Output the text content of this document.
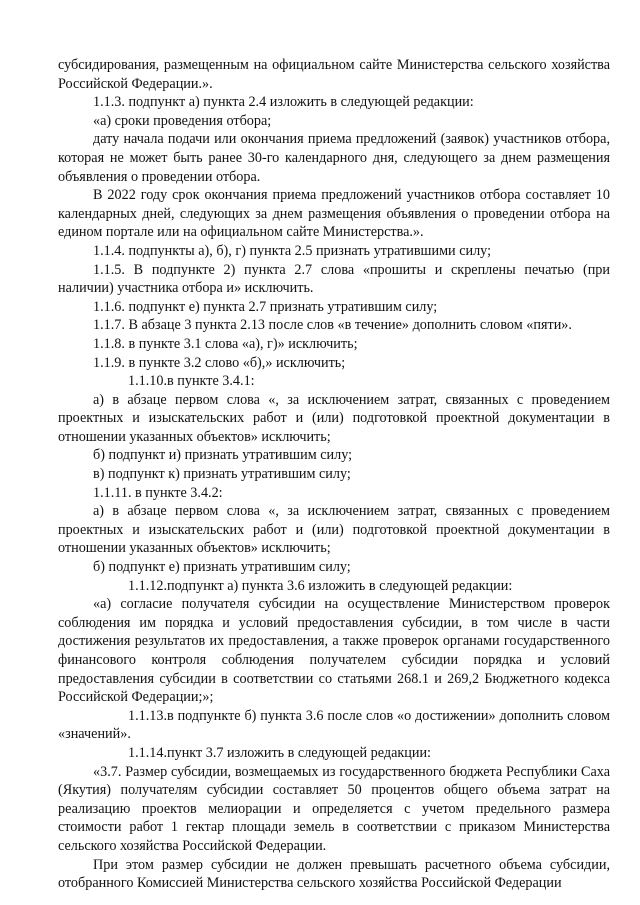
субсидирования, размещенным на официальном сайте Министерства сельского хозяйства Российской Федерации.».

1.1.3. подпункт а) пункта 2.4 изложить в следующей редакции:

«а) сроки проведения отбора;

дату начала подачи или окончания приема предложений (заявок) участников отбора, которая не может быть ранее 30-го календарного дня, следующего за днем размещения объявления о проведении отбора.

В 2022 году срок окончания приема предложений участников отбора составляет 10 календарных дней, следующих за днем размещения объявления о проведении отбора на едином портале или на официальном сайте Министерства.».

1.1.4. подпункты а), б), г) пункта 2.5 признать утратившими силу;

1.1.5. В подпункте 2) пункта 2.7 слова «прошиты и скреплены печатью (при наличии) участника отбора и» исключить.

1.1.6. подпункт е) пункта 2.7 признать утратившим силу;

1.1.7. В абзаце 3 пункта 2.13 после слов «в течение» дополнить словом «пяти».

1.1.8. в пункте 3.1 слова «а), г)» исключить;

1.1.9. в пункте 3.2 слово «б),» исключить;

1.1.10.в пункте 3.4.1:

а) в абзаце первом слова «, за исключением затрат, связанных с проведением проектных и изыскательских работ и (или) подготовкой проектной документации в отношении указанных объектов» исключить;

б) подпункт и) признать утратившим силу;

в) подпункт к) признать утратившим силу;

1.1.11. в пункте 3.4.2:

а) в абзаце первом слова «, за исключением затрат, связанных с проведением проектных и изыскательских работ и (или) подготовкой проектной документации в отношении указанных объектов» исключить;

б) подпункт е) признать утратившим силу;

1.1.12.подпункт а) пункта 3.6 изложить в следующей редакции:

«а) согласие получателя субсидии на осуществление Министерством проверок соблюдения им порядка и условий предоставления субсидии, в том числе в части достижения результатов их предоставления, а также проверок органами государственного финансового контроля соблюдения получателем субсидии порядка и условий предоставления субсидии в соответствии со статьями 268.1 и 269,2 Бюджетного кодекса Российской Федерации;»;

1.1.13.в подпункте б) пункта 3.6 после слов «о достижении» дополнить словом «значений».

1.1.14.пункт 3.7 изложить в следующей редакции:

«3.7. Размер субсидии, возмещаемых из государственного бюджета Республики Саха (Якутия) получателям субсидии составляет 50 процентов общего объема затрат на реализацию проектов мелиорации и определяется с учетом предельного размера стоимости работ 1 гектар площади земель в соответствии с приказом Министерства сельского хозяйства Российской Федерации.

При этом размер субсидии не должен превышать расчетного объема субсидии, отобранного Комиссией Министерства сельского хозяйства Российской Федерации
